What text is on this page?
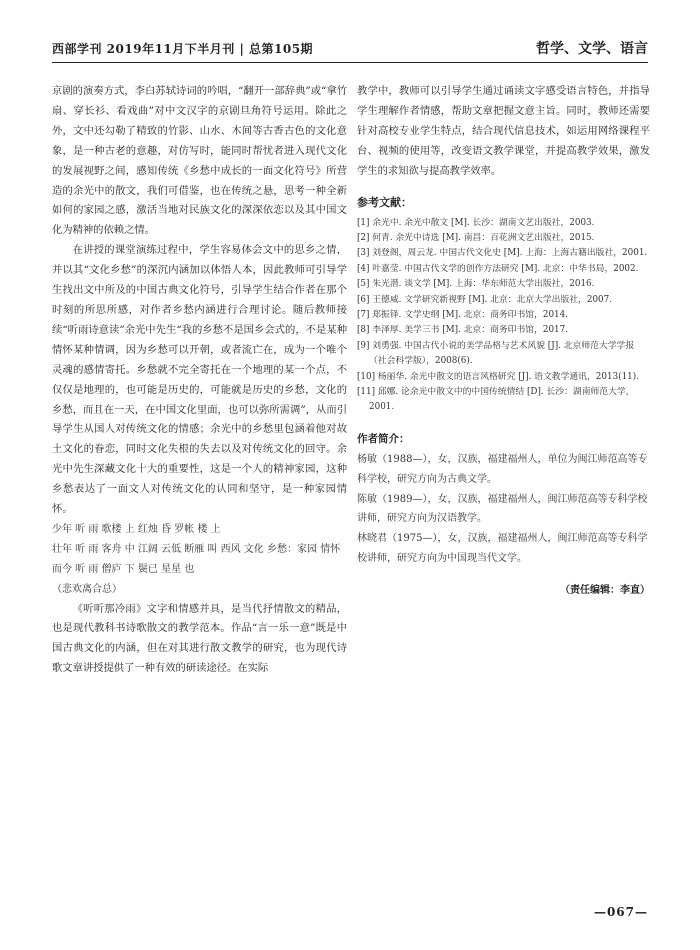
西部学刊 2019年11月下半月刊 | 总第105期	哲学、文学、语言

京剧的演奏方式，李白苏轼诗词的吟唱，“翻开一部辞典”或“拿竹扇、穿长衫、看戏曲”对中文汉字的京剧旦角符号运用。除此之外，文中还勾勒了精致的竹影、山水、木间等古香古色的文化意象，是一种古老的意趣，对仿写时，能同时帮忧者进入现代文化的发展视野之间，感知传统《乡愁中成长的一面文化符号》所营造的余光中的散文，我们可借鉴，也在传统之悬，思考一种全新如何的家园之感，激活当地对民族文化的深深依恋以及其中国文化为精神的依赖之情。

在讲授的课堂演练过程中，学生容易体会文中的思乡之情，并以其“文化乡愁”的深沉内涵加以体悟人本，因此教师可引导学生找出文中所及的中国古典文化符号，引导学生结合作者在那个时刻的所思所感，对作者乡愁内涵进行合理讨论。随后教师接续“听雨诗意读”余光中先生“我的乡愁不是国乡会式的，不是某种情怀某种情调，因为乡愁可以开朝，或者流亡在，成为一个唯个灵魂的感情寄托。乡愁就不完全寄托在一个地理的某一个点，不仅仅是地理的，也可能是历史的，可能就是历史的乡愁，文化的乡愁，而且在一天，在中国文化里面，也可以弥所需调”，从而引导学生从国人对传统文化的情感；余光中的乡愁里包涵着他对故土文化的眷恋，同时文化失根的失去以及对传统文化的回守。余光中先生深藏文化十大的重要性，这是一个人的精神家园，这种乡愁表达了一面文人对传统文化的认同和坚守，是一种家园情怀。

少年 听 雨 歌楼 上 红烛 昏 罗帐 楼 上

壮年 听 雨 客舟 中 江阔 云低 断雁 叫 西风 文化 乡愁：家园 情怀

而今 听 雨 僧庐 下 鬓已 星星 也

（悲欢离合总）

《听听那冷雨》文字和情感并具，是当代抒情散文的精品，也是现代教科书诗歌散文的教学范本。作品“言一乐一意”既是中国古典文化的内涵，但在对其进行散文教学的研究，也为现代诗歌文章讲授提供了一种有效的研读途径。在实际

教学中，教师可以引导学生通过诵读文字感受语言特色，并指导学生理解作者情感，帮助文章把握文意主旨。同时，教师还需要针对高校专业学生特点，结合现代信息技术，如运用网络课程平台、视频的使用等，改变语文教学课堂，并提高教学效果，激发学生的求知欲与提高教学效率。

参考文献：
[1] 余光中. 余光中散文 [M]. 长沙：湖南文艺出版社，2003.
[2] 何青. 余光中诗选 [M]. 南昌：百花洲文艺出版社，2015.
[3] 刘登阁，周云龙. 中国古代文化史 [M]. 上海：上海古籍出版社，2001.
[4] 叶嘉莹. 中国古代文学的创作方法研究 [M]. 北京：中华书局，2002.
[5] 朱光潜. 谈文学 [M]. 上海：华东师范大学出版社，2016.
[6] 王德威. 文学研究新视野 [M]. 北京：北京大学出版社，2007.
[7] 郑振铎. 文学史纲 [M]. 北京：商务印书馆，2014.
[8] 李泽厚. 美学三书 [M]. 北京：商务印书馆，2017.
[9] 刘勇强. 中国古代小说的美学品格与艺术风貌 [J]. 北京师范大学学报（社会科学版），2008(6).
[10] 杨丽华. 余光中散文的语言风格研究 [J]. 语文教学通讯，2013(11).
[11] 邱娜. 论余光中散文中的中国传统情结 [D]. 长沙：湖南师范大学，2001.
作者简介：
杨敏（1988—），女，汉族，福建福州人，单位为闽江师范高等专科学校，研究方向为古典文学。
陈敏（1989—），女，汉族，福建福州人，闽江师范高等专科学校讲师，研究方向为汉语教学。
林晓君（1975—），女，汉族，福建福州人，闽江师范高等专科学校讲师，研究方向为中国现当代文学。
（责任编辑：李直）
—067—
